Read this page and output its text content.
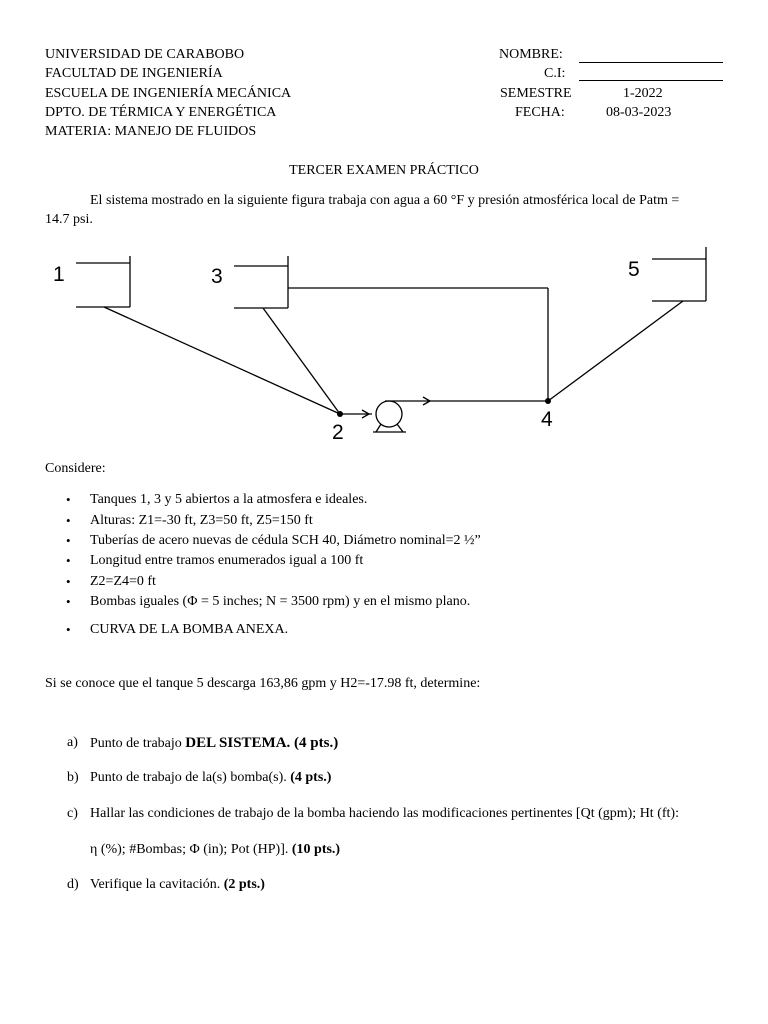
UNIVERSIDAD DE CARABOBO
FACULTAD DE INGENIERÍA
ESCUELA DE INGENIERÍA MECÁNICA
DPTO. DE TÉRMICA Y ENERGÉTICA
MATERIA: MANEJO DE FLUIDOS
NOMBRE:
C.I:
SEMESTRE	1-2022
FECHA:	08-03-2023
TERCER EXAMEN PRÁCTICO
El sistema mostrado en la siguiente figura trabaja con agua a 60 °F y presión atmosférica local de Patm =
14.7 psi.
1	3	5
2
4
Considere:
• Tanques 1, 3 y 5 abiertos a la atmosfera e ideales.
• Alturas: Z1=-30 ft, Z3=50 ft, Z5=150 ft
• Tuberías de acero nuevas de cédula SCH 40, Diámetro nominal=2 ½”
• Longitud entre tramos enumerados igual a 100 ft
• Z2=Z4=0 ft
• Bombas iguales (Φ = 5 inches; N = 3500 rpm) y en el mismo plano.
• CURVA DE LA BOMBA ANEXA.
Si se conoce que el tanque 5 descarga 163,86 gpm y H2=-17.98 ft, determine:
a) Punto de trabajo DEL SISTEMA. (4 pts.)
b) Punto de trabajo de la(s) bomba(s). (4 pts.)
c) Hallar las condiciones de trabajo de la bomba haciendo las modificaciones pertinentes [Qt (gpm); Ht (ft):
η (%); #Bombas; Φ (in); Pot (HP)]. (10 pts.)
d) Verifique la cavitación. (2 pts.)
